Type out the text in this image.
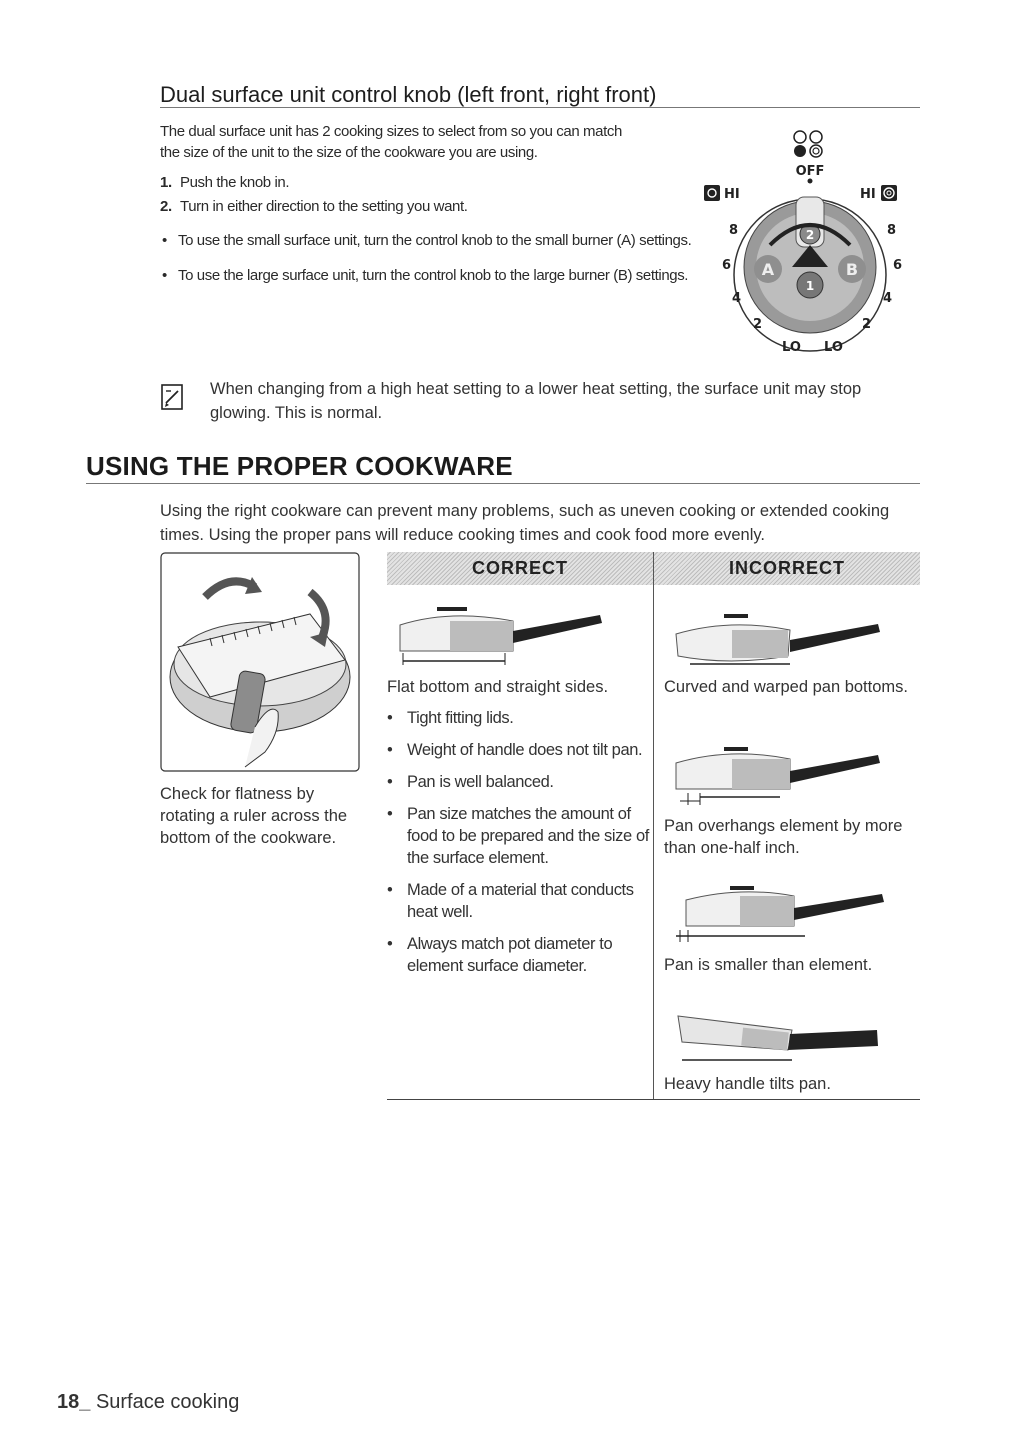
Dual surface unit control knob (left front, right front)
The dual surface unit has 2 cooking sizes to select from so you can match
the size of the unit to the size of the cookware you are using.
1. Push the knob in.
2. Turn in either direction to the setting you want.
• To use the small surface unit, turn the control knob to the small burner (A) settings.
• To use the large surface unit, turn the control knob to the large burner (B) settings.
OFF
HI	HI
2
A	B
1
8	8
6	6
4	4
2	2
LO LO
When changing from a high heat setting to a lower heat setting, the surface unit may stop glowing. This is normal.
USING THE PROPER COOKWARE
Using the right cookware can prevent many problems, such as uneven cooking or extended cooking times. Using the proper pans will reduce cooking times and cook food more evenly.
Check for flatness by rotating a ruler across the bottom of the cookware.
CORRECT	INCORRECT
Flat bottom and straight sides.
• Tight fitting lids.
• Weight of handle does not tilt pan.
• Pan is well balanced.
• Pan size matches the amount of food to be prepared and the size of the surface element.
• Made of a material that conducts heat well.
• Always match pot diameter to element surface diameter.
Curved and warped pan bottoms.
Pan overhangs element by more than one-half inch.
Pan is smaller than element.
Heavy handle tilts pan.
18_ Surface cooking
